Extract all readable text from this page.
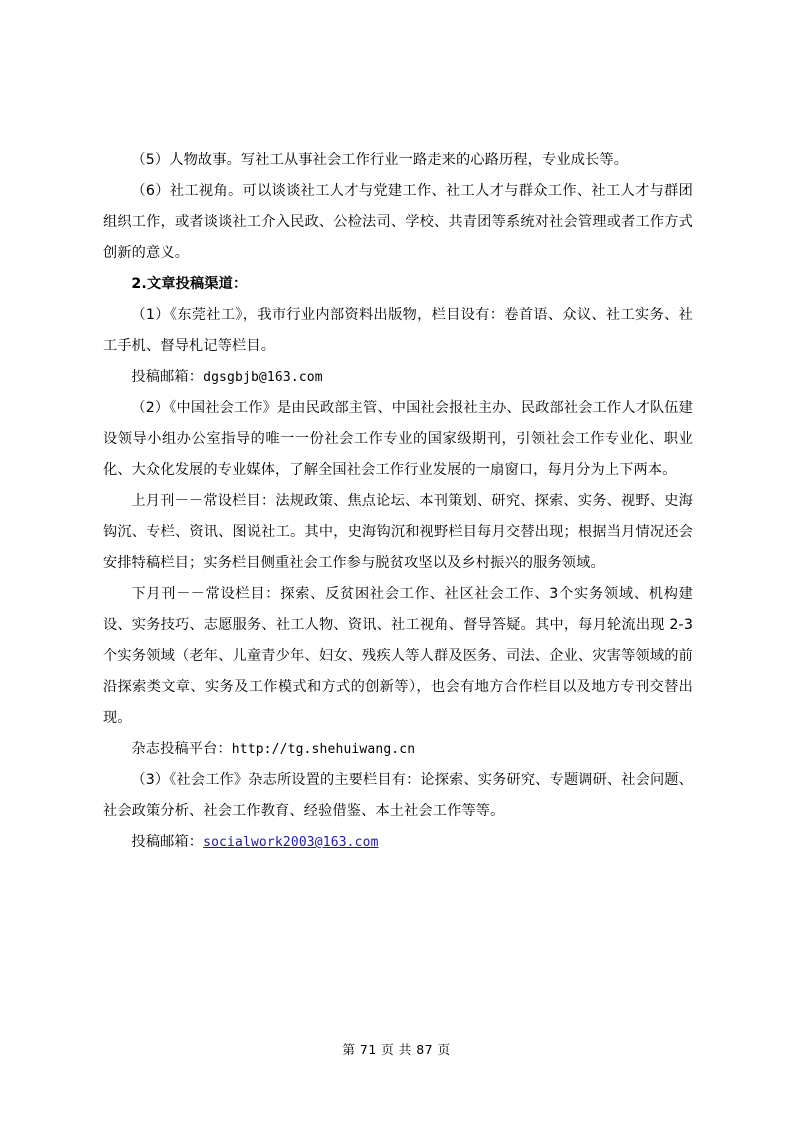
（5）人物故事。写社工从事社会工作行业一路走来的心路历程，专业成长等。

（6）社工视角。可以谈谈社工人才与党建工作、社工人才与群众工作、社工人才与群团组织工作，或者谈谈社工介入民政、公检法司、学校、共青团等系统对社会管理或者工作方式创新的意义。

2.文章投稿渠道：

（1）《东莞社工》，我市行业内部资料出版物，栏目设有：卷首语、众议、社工实务、社工手机、督导札记等栏目。

投稿邮箱：dgsgbjb@163.com

（2）《中国社会工作》是由民政部主管、中国社会报社主办、民政部社会工作人才队伍建设领导小组办公室指导的唯一一份社会工作专业的国家级期刊，引领社会工作专业化、职业化、大众化发展的专业媒体，了解全国社会工作行业发展的一扇窗口，每月分为上下两本。

上月刊－－常设栏目：法规政策、焦点论坛、本刊策划、研究、探索、实务、视野、史海钩沉、专栏、资讯、图说社工。其中，史海钩沉和视野栏目每月交替出现；根据当月情况还会安排特稿栏目；实务栏目侧重社会工作参与脱贫攻坚以及乡村振兴的服务领域。

下月刊－－常设栏目：探索、反贫困社会工作、社区社会工作、3个实务领域、机构建设、实务技巧、志愿服务、社工人物、资讯、社工视角、督导答疑。其中，每月轮流出现 2-3个实务领域（老年、儿童青少年、妇女、残疾人等人群及医务、司法、企业、灾害等领域的前沿探索类文章、实务及工作模式和方式的创新等），也会有地方合作栏目以及地方专刊交替出现。

杂志投稿平台：http://tg.shehuiwang.cn

（3）《社会工作》杂志所设置的主要栏目有：论探索、实务研究、专题调研、社会问题、社会政策分析、社会工作教育、经验借鉴、本土社会工作等等。

投稿邮箱：socialwork2003@163.com

第 71 页 共 87 页
